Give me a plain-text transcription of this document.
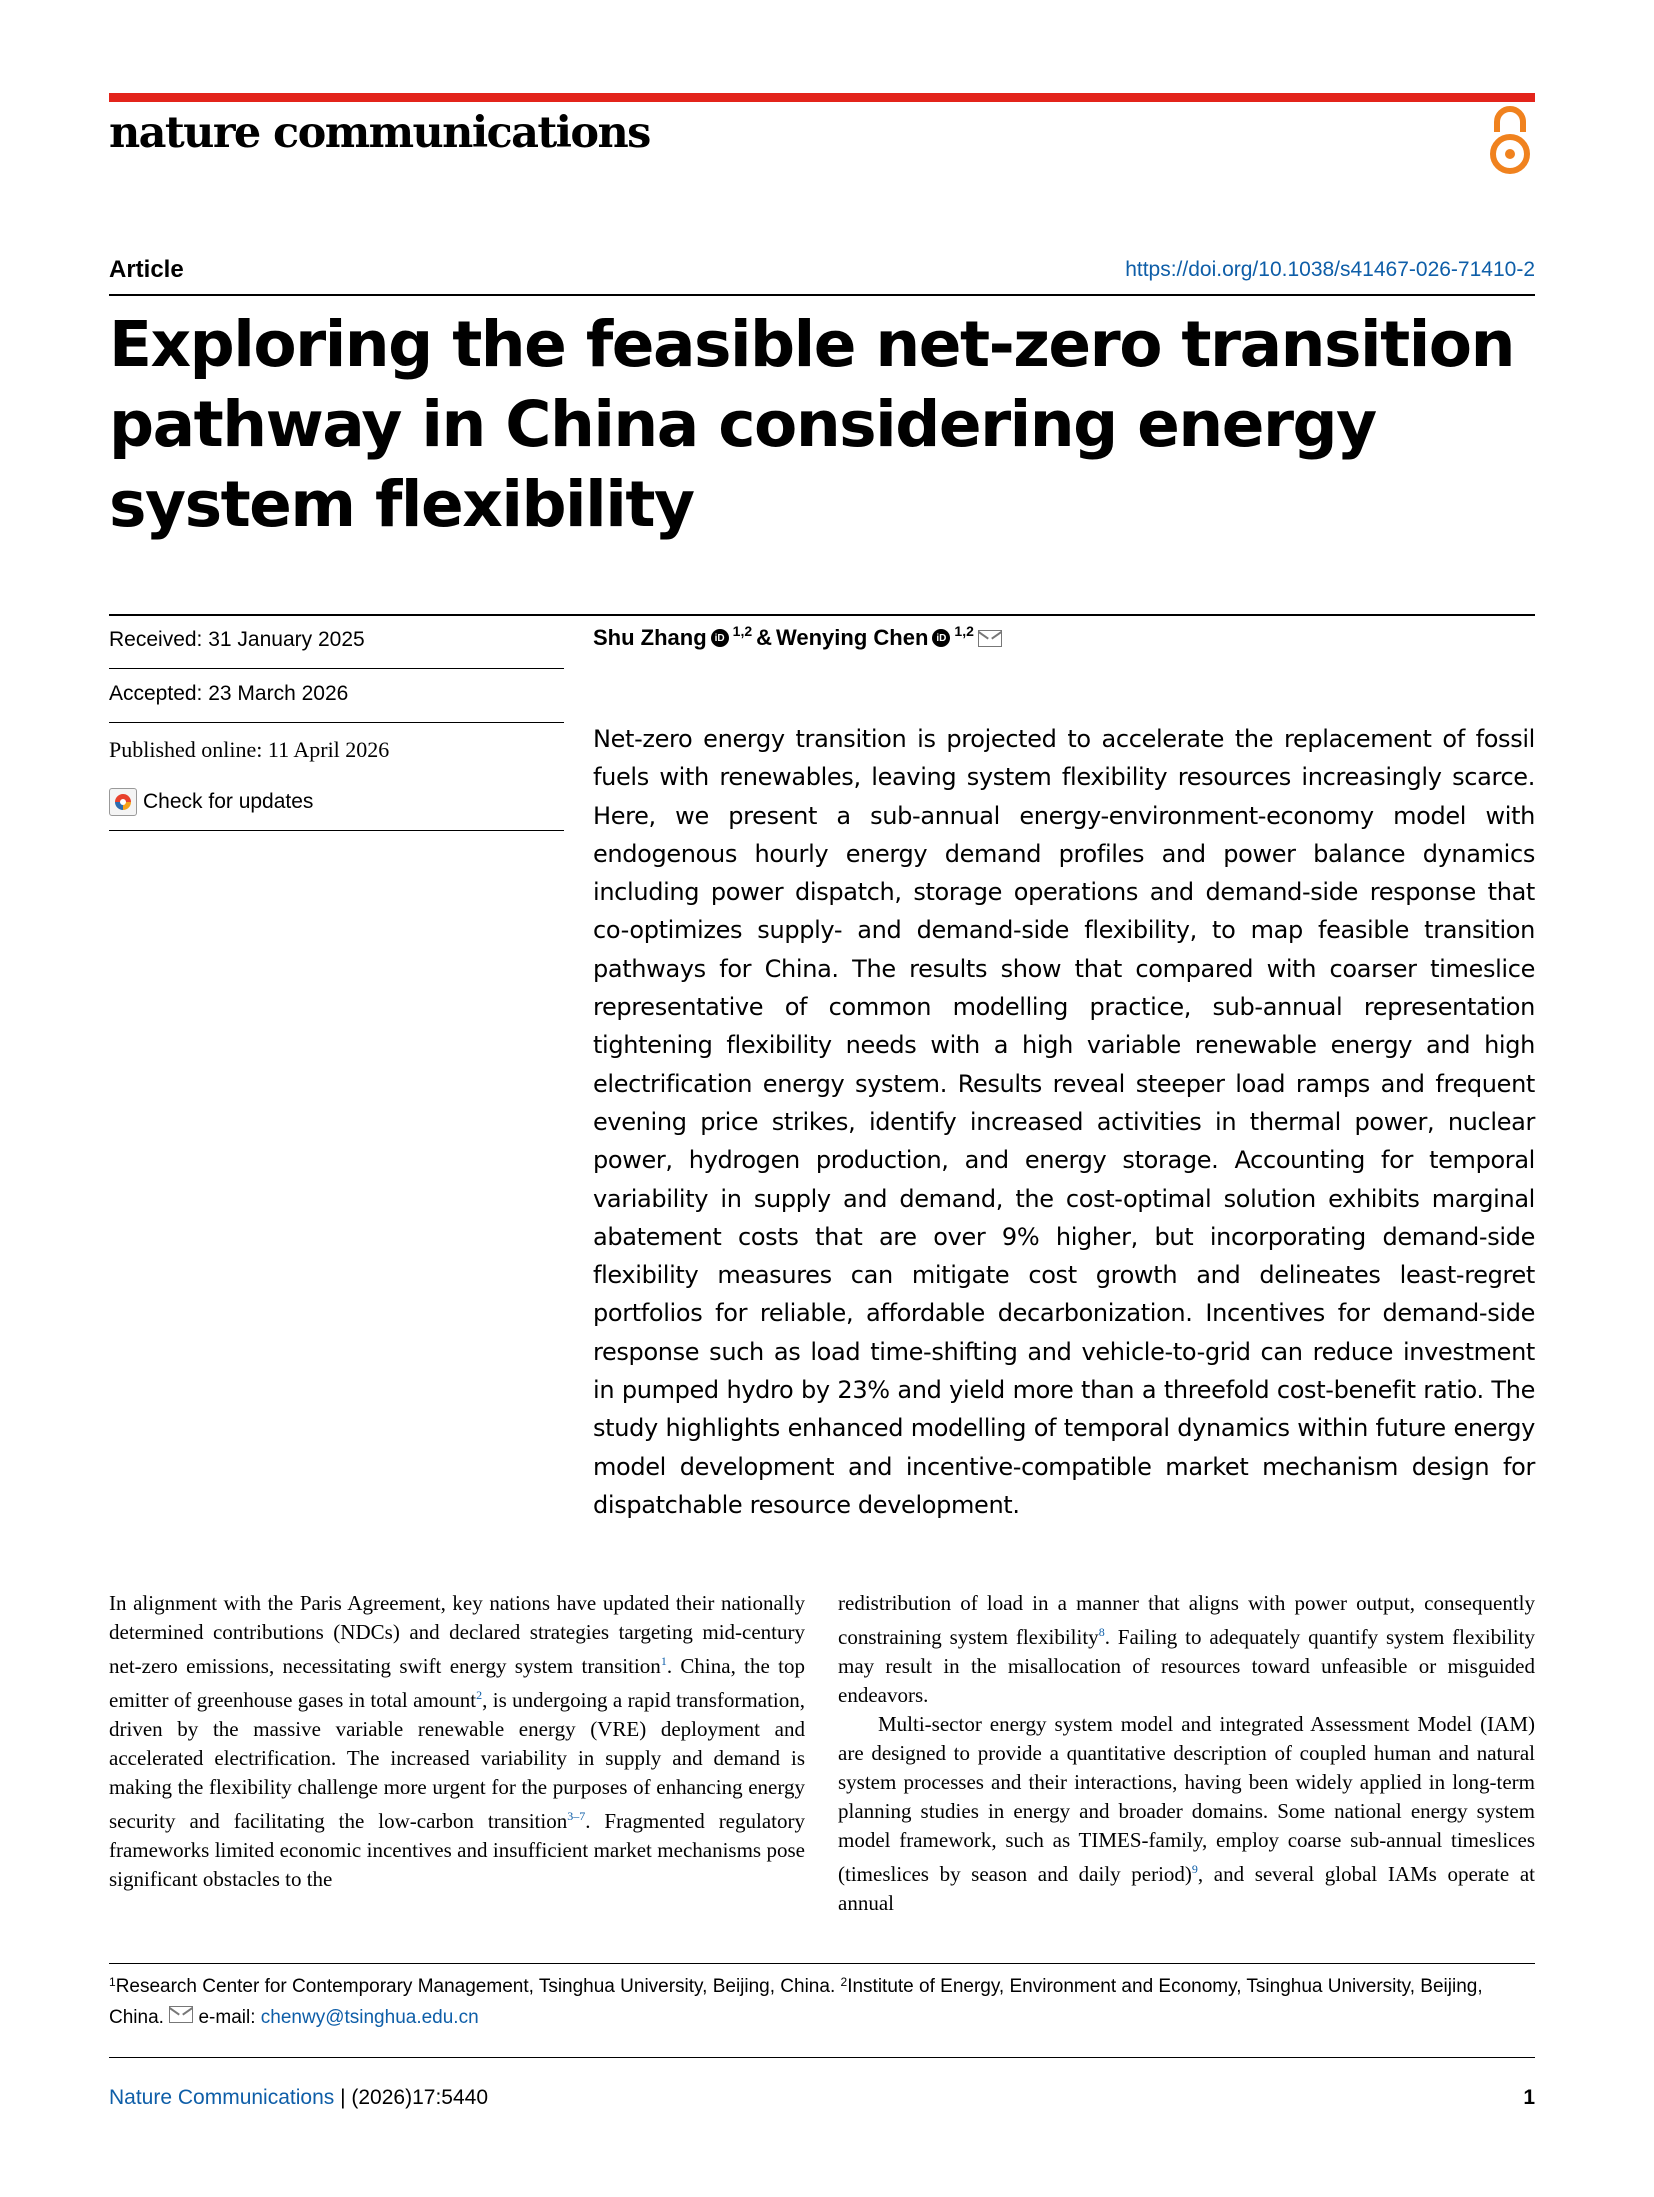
nature communications
Article	https://doi.org/10.1038/s41467-026-71410-2
Exploring the feasible net-zero transition pathway in China considering energy system flexibility
Received: 31 January 2025
Accepted: 23 March 2026
Published online: 11 April 2026
Check for updates
Shu Zhang iD 1,2 & Wenying Chen iD 1,2
Net-zero energy transition is projected to accelerate the replacement of fossil fuels with renewables, leaving system flexibility resources increasingly scarce. Here, we present a sub-annual energy-environment-economy model with endogenous hourly energy demand profiles and power balance dynamics including power dispatch, storage operations and demand-side response that co-optimizes supply- and demand-side flexibility, to map feasible transition pathways for China. The results show that compared with coarser timeslice representative of common modelling practice, sub-annual representation tightening flexibility needs with a high variable renewable energy and high electrification energy system. Results reveal steeper load ramps and frequent evening price strikes, identify increased activities in thermal power, nuclear power, hydrogen production, and energy storage. Accounting for temporal variability in supply and demand, the cost-optimal solution exhibits marginal abatement costs that are over 9% higher, but incorporating demand-side flexibility measures can mitigate cost growth and delineates least-regret portfolios for reliable, affordable decarbonization. Incentives for demand-side response such as load time-shifting and vehicle-to-grid can reduce investment in pumped hydro by 23% and yield more than a threefold cost-benefit ratio. The study highlights enhanced modelling of temporal dynamics within future energy model development and incentive-compatible market mechanism design for dispatchable resource development.

In alignment with the Paris Agreement, key nations have updated their nationally determined contributions (NDCs) and declared strategies targeting mid-century net-zero emissions, necessitating swift energy system transition$^1$. China, the top emitter of greenhouse gases in total amount$^2$, is undergoing a rapid transformation, driven by the massive variable renewable energy (VRE) deployment and accelerated electrification. The increased variability in supply and demand is making the flexibility challenge more urgent for the purposes of enhancing energy security and facilitating the low-carbon transition$^{3-7}$. Fragmented regulatory frameworks limited economic incentives and insufficient market mechanisms pose significant obstacles to the

redistribution of load in a manner that aligns with power output, consequently constraining system flexibility$^8$. Failing to adequately quantify system flexibility may result in the misallocation of resources toward unfeasible or misguided endeavors.

Multi-sector energy system model and integrated Assessment Model (IAM) are designed to provide a quantitative description of coupled human and natural system processes and their interactions, having been widely applied in long-term planning studies in energy and broader domains. Some national energy system model framework, such as TIMES-family, employ coarse sub-annual timeslices (timeslices by season and daily period)$^9$, and several global IAMs operate at annual

$^1$Research Center for Contemporary Management, Tsinghua University, Beijing, China. $^2$Institute of Energy, Environment and Economy, Tsinghua University, Beijing, China. e-mail: chenwy@tsinghua.edu.cn
Nature Communications | (2026)17:5440	1
